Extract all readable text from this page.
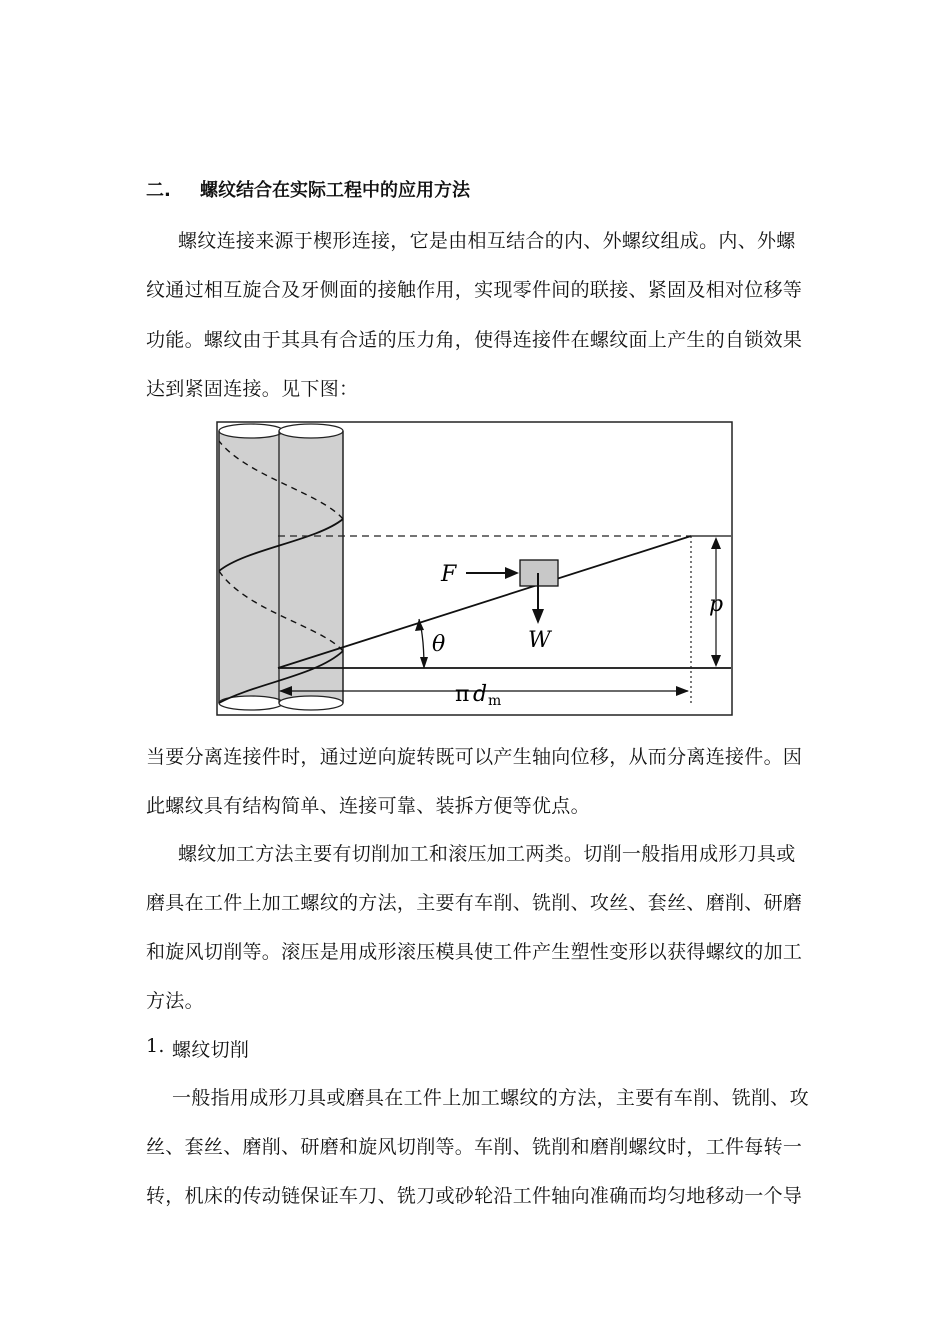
二. 螺纹结合在实际工程中的应用方法
螺纹连接来源于楔形连接，它是由相互结合的内、外螺纹组成。内、外螺
纹通过相互旋合及牙侧面的接触作用，实现零件间的联接、紧固及相对位移等
功能。螺纹由于其具有合适的压力角，使得连接件在螺纹面上产生的自锁效果
达到紧固连接。见下图：
F
W
θ
p
π d m
当要分离连接件时，通过逆向旋转既可以产生轴向位移，从而分离连接件。因
此螺纹具有结构简单、连接可靠、装拆方便等优点。
螺纹加工方法主要有切削加工和滚压加工两类。切削一般指用成形刀具或
磨具在工件上加工螺纹的方法，主要有车削、铣削、攻丝、套丝、磨削、研磨
和旋风切削等。滚压是用成形滚压模具使工件产生塑性变形以获得螺纹的加工
方法。
1. 螺纹切削
一般指用成形刀具或磨具在工件上加工螺纹的方法，主要有车削、铣削、攻
丝、套丝、磨削、研磨和旋风切削等。车削、铣削和磨削螺纹时，工件每转一
转，机床的传动链保证车刀、铣刀或砂轮沿工件轴向准确而均匀地移动一个导
